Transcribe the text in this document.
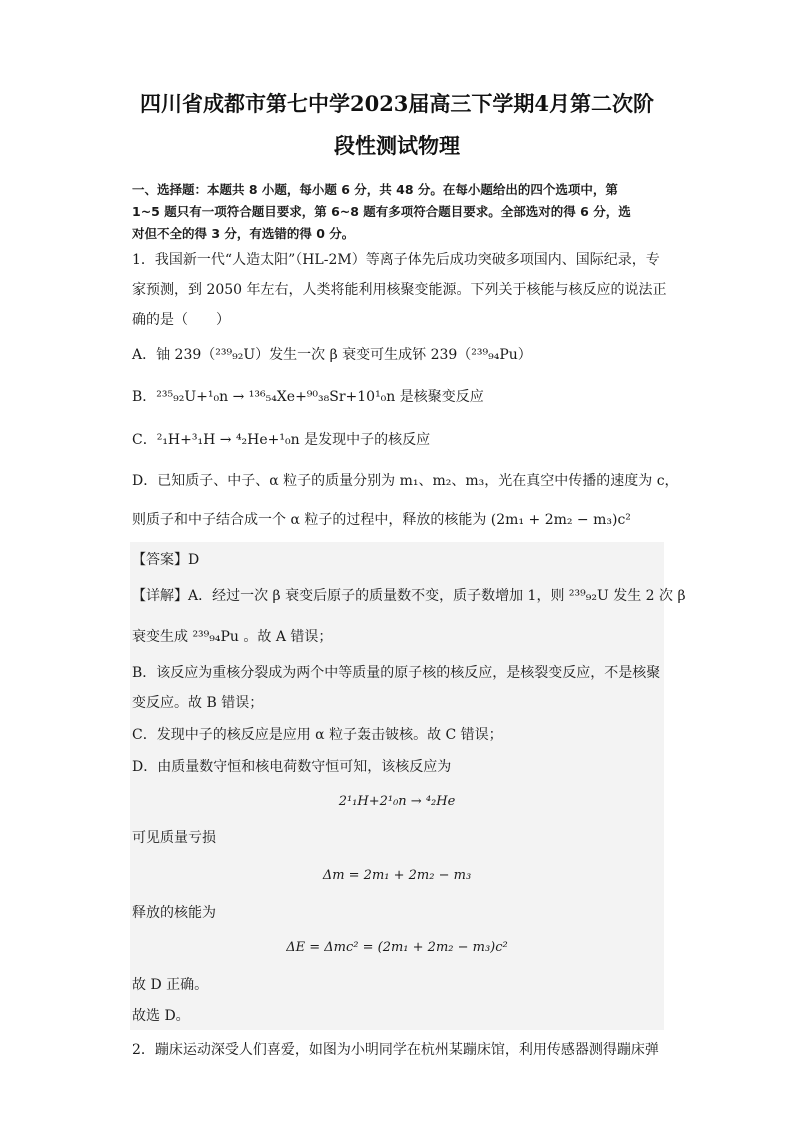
四川省成都市第七中学2023届高三下学期4月第二次阶
段性测试物理
一、选择题：本题共 8 小题，每小题 6 分，共 48 分。在每小题给出的四个选项中，第
1~5 题只有一项符合题目要求，第 6~8 题有多项符合题目要求。全部选对的得 6 分，选
对但不全的得 3 分，有选错的得 0 分。
1．我国新一代“人造太阳”（HL-2M）等离子体先后成功突破多项国内、国际纪录，专
家预测，到 2050 年左右，人类将能利用核聚变能源。下列关于核能与核反应的说法正
确的是（　　）
A．铀 239（²³⁹₉₂U）发生一次 β 衰变可生成钚 239（²³⁹₉₄Pu）
B．²³⁵₉₂U+¹₀n → ¹³⁶₅₄Xe+⁹⁰₃₈Sr+10¹₀n 是核聚变反应
C．²₁H+³₁H → ⁴₂He+¹₀n 是发现中子的核反应
D．已知质子、中子、α 粒子的质量分别为 m₁、m₂、m₃，光在真空中传播的速度为 c，
则质子和中子结合成一个 α 粒子的过程中，释放的核能为 (2m₁ + 2m₂ − m₃)c²
【答案】D
【详解】A．经过一次 β 衰变后原子的质量数不变，质子数增加 1，则 ²³⁹₉₂U 发生 2 次 β
衰变生成 ²³⁹₉₄Pu 。故 A 错误；
B．该反应为重核分裂成为两个中等质量的原子核的核反应，是核裂变反应，不是核聚
变反应。故 B 错误；
C．发现中子的核反应是应用 α 粒子轰击铍核。故 C 错误；
D．由质量数守恒和核电荷数守恒可知，该核反应为
2¹₁H+2¹₀n → ⁴₂He
可见质量亏损
Δm = 2m₁ + 2m₂ − m₃
释放的核能为
ΔE = Δmc² = (2m₁ + 2m₂ − m₃)c²
故 D 正确。
故选 D。
2．蹦床运动深受人们喜爱，如图为小明同学在杭州某蹦床馆，利用传感器测得蹦床弹
